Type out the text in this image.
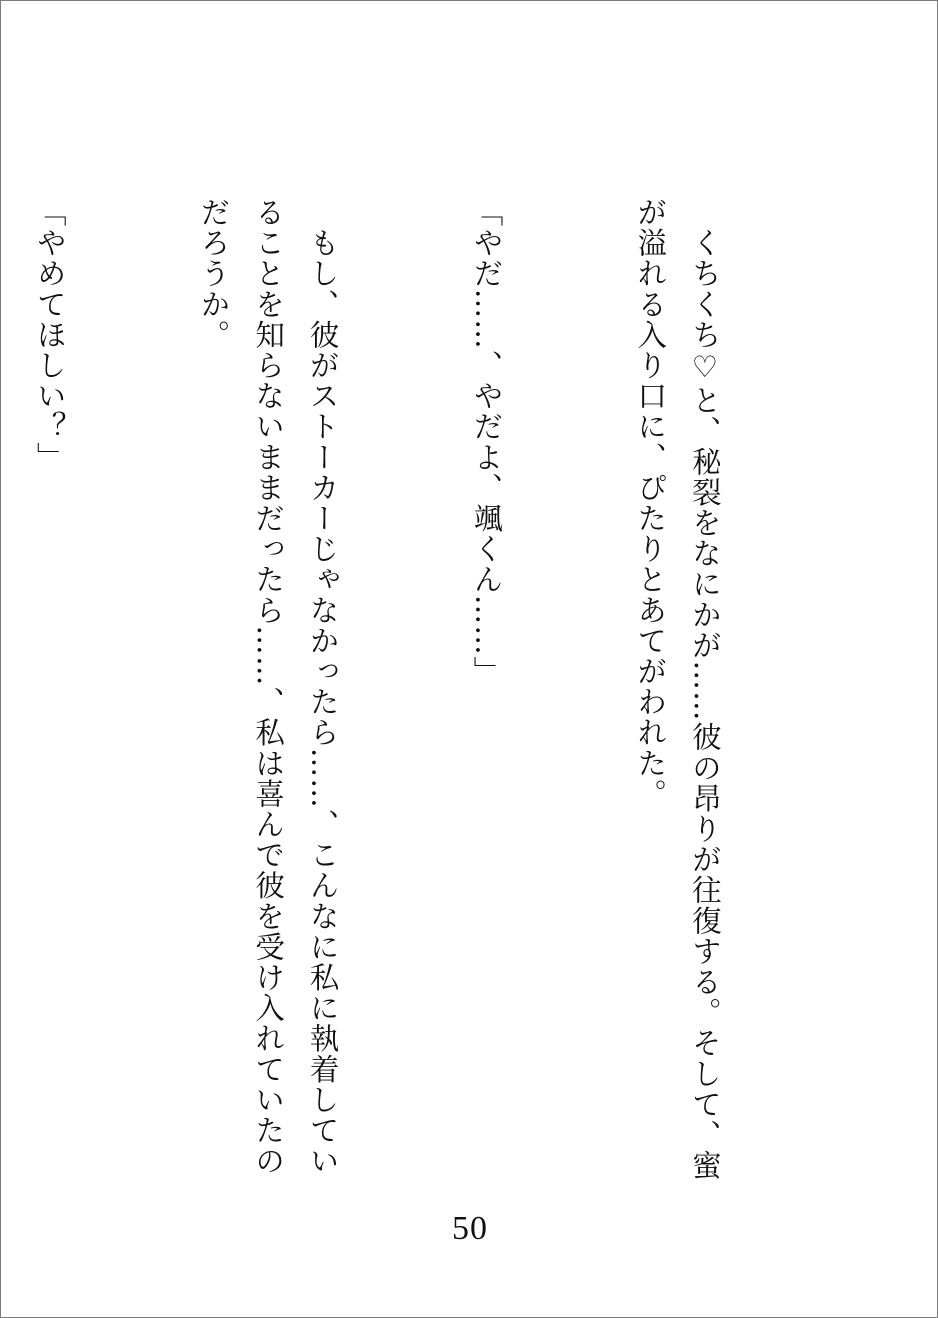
　くちくち♡と、秘裂をなにかが……彼の昂りが往復する。そして、蜜が溢れる入り口に、ぴたりとあてがわれた。

「やだ……、やだよ、颯くん……」

　もし、彼がストーカーじゃなかったら……、こんなに私に執着していることを知らないままだったら……、私は喜んで彼を受け入れていたのだろうか。

「やめてほしい？」

50
